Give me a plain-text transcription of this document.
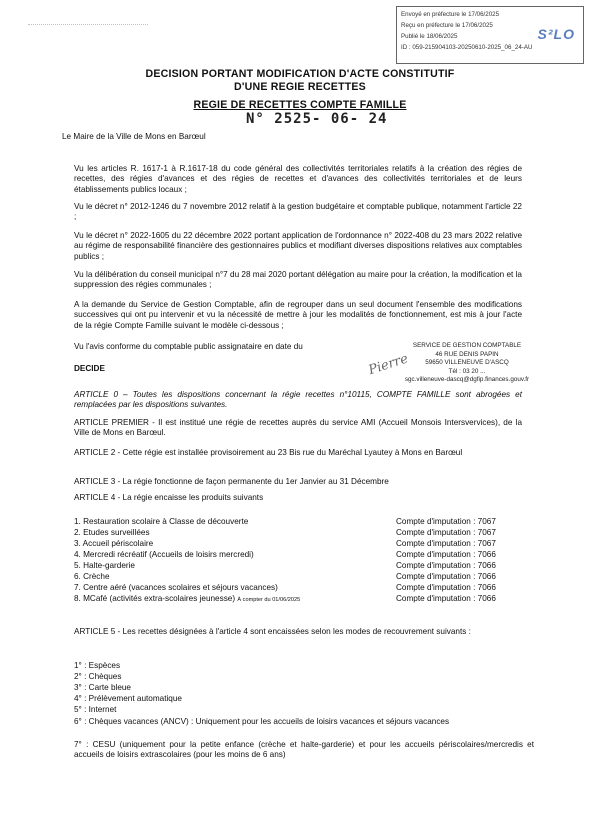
Envoyé en préfecture le 17/06/2025
Reçu en préfecture le 17/06/2025
Publié le 18/06/2025
ID : 059-215904103-20250610-2025_06_24-AU
S²LO
DECISION PORTANT MODIFICATION D'ACTE CONSTITUTIF
D'UNE REGIE RECETTES
REGIE DE RECETTES COMPTE FAMILLE
N° 2525- 06- 24
Le Maire de la Ville de Mons en Barœul
Vu les articles R. 1617-1 à R.1617-18 du code général des collectivités territoriales relatifs à la création des régies de recettes, des régies d'avances et des régies de recettes et d'avances des collectivités territoriales et de leurs établissements publics locaux ;
Vu le décret n° 2012-1246 du 7 novembre 2012 relatif à la gestion budgétaire et comptable publique, notamment l'article 22 ;
Vu le décret n° 2022-1605 du 22 décembre 2022 portant application de l'ordonnance n° 2022-408 du 23 mars 2022 relative au régime de responsabilité financière des gestionnaires publics et modifiant diverses dispositions relatives aux comptables publics ;
Vu la délibération du conseil municipal n°7 du 28 mai 2020 portant délégation au maire pour la création, la modification et la suppression des régies communales ;
A la demande du Service de Gestion Comptable, afin de regrouper dans un seul document l'ensemble des modifications successives qui ont pu intervenir et vu la nécessité de mettre à jour les modalités de fonctionnement, est mis à jour l'acte de la régie Compte Famille suivant le modèle ci-dessous ;
Vu l'avis conforme du comptable public assignataire en date du
Pierre
SERVICE DE GESTION COMPTABLE
46 RUE DENIS PAPIN
59650 VILLENEUVE D'ASCQ
Tél : 03 20 ...
sgc.villeneuve-dascq@dgfip.finances.gouv.fr
DECIDE
ARTICLE 0 – Toutes les dispositions concernant la régie recettes n°10115, COMPTE FAMILLE sont abrogées et remplacées par les dispositions suivantes.
ARTICLE PREMIER - Il est institué une régie de recettes auprès du service AMI (Accueil Monsois Intersvervices), de la Ville de Mons en Barœul.
ARTICLE 2 - Cette régie est installée provisoirement au 23 Bis rue du Maréchal Lyautey à Mons en Barœul
ARTICLE 3 - La régie fonctionne de façon permanente du 1er Janvier au 31 Décembre
ARTICLE 4 - La régie encaisse les produits suivants
1. Restauration scolaire à Classe de découverte	Compte d'imputation : 7067
2. Etudes surveillées	Compte d'imputation : 7067
3. Accueil périscolaire	Compte d'imputation : 7067
4. Mercredi récréatif (Accueils de loisirs mercredi)	Compte d'imputation : 7066
5. Halte-garderie	Compte d'imputation : 7066
6. Crèche	Compte d'imputation : 7066
7. Centre aéré (vacances scolaires et séjours vacances)	Compte d'imputation : 7066
8. MCafé (activités extra-scolaires jeunesse) À compter du 01/06/2025	Compte d'imputation : 7066
ARTICLE 5 - Les recettes désignées à l'article 4 sont encaissées selon les modes de recouvrement suivants :
1° : Espèces
2° : Chèques
3° : Carte bleue
4° : Prélèvement automatique
5° : Internet
6° : Chèques vacances (ANCV) : Uniquement pour les accueils de loisirs vacances et séjours vacances
7° : CESU (uniquement pour la petite enfance (crèche et halte-garderie) et pour les accueils périscolaires/mercredis et accueils de loisirs extrascolaires (pour les moins de 6 ans)
